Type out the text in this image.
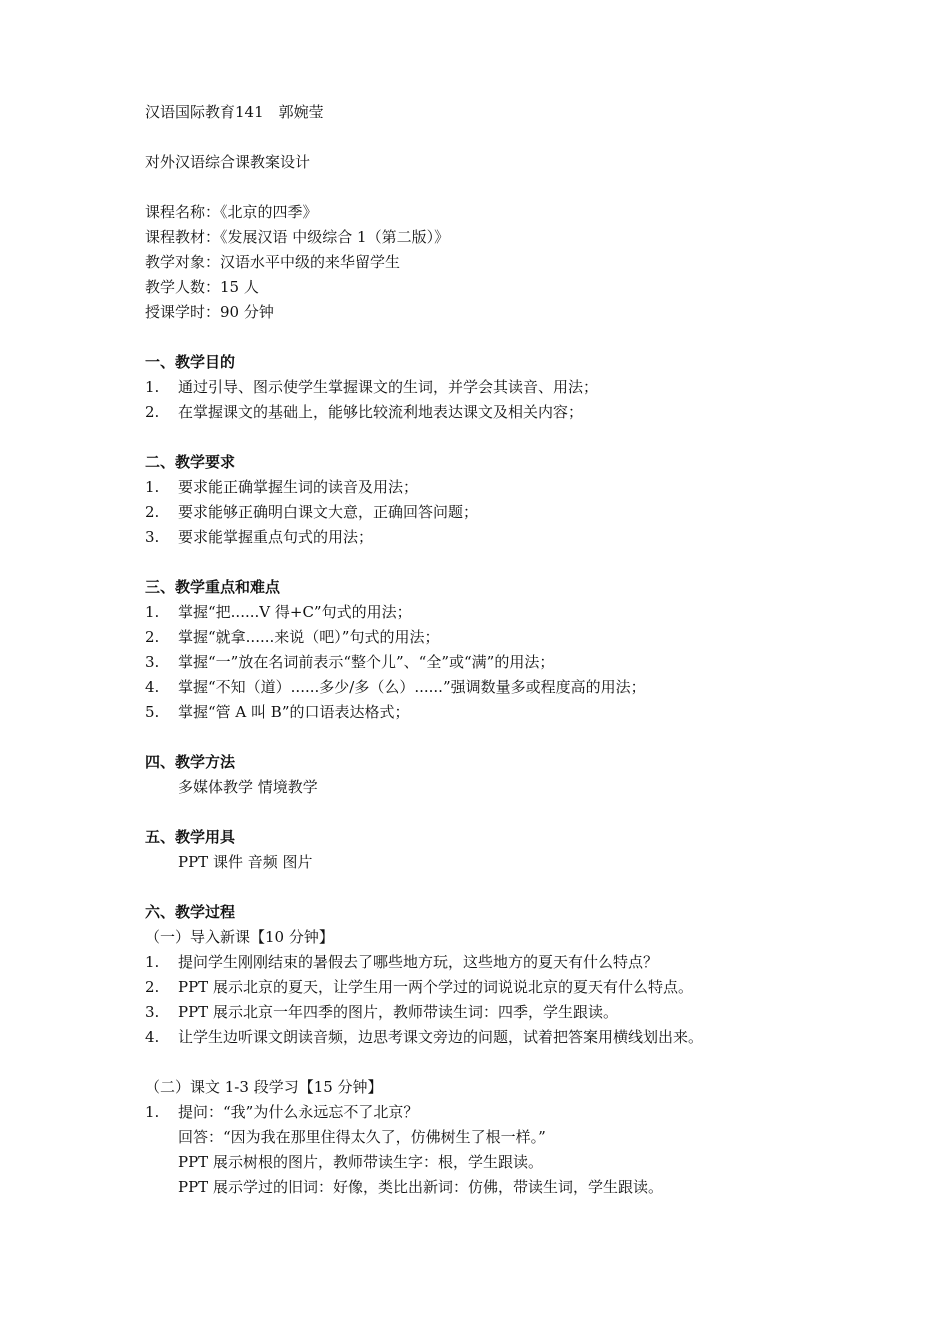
汉语国际教育141　郭婉莹
对外汉语综合课教案设计
课程名称：《北京的四季》
课程教材：《发展汉语 中级综合 1（第二版）》
教学对象：汉语水平中级的来华留学生
教学人数：15 人
授课学时：90 分钟
一、教学目的
1. 通过引导、图示使学生掌握课文的生词，并学会其读音、用法；
2. 在掌握课文的基础上，能够比较流利地表达课文及相关内容；
二、教学要求
1. 要求能正确掌握生词的读音及用法；
2. 要求能够正确明白课文大意，正确回答问题；
3. 要求能掌握重点句式的用法；
三、教学重点和难点
1. 掌握“把......V 得+C”句式的用法；
2. 掌握“就拿......来说（吧）”句式的用法；
3. 掌握“一”放在名词前表示“整个儿”、“全”或“满”的用法；
4. 掌握“不知（道）......多少/多（么）......”强调数量多或程度高的用法；
5. 掌握“管 A 叫 B”的口语表达格式；
四、教学方法
多媒体教学 情境教学
五、教学用具
PPT 课件 音频 图片
六、教学过程
（一）导入新课【10 分钟】
1. 提问学生刚刚结束的暑假去了哪些地方玩，这些地方的夏天有什么特点？
2. PPT 展示北京的夏天，让学生用一两个学过的词说说北京的夏天有什么特点。
3. PPT 展示北京一年四季的图片，教师带读生词：四季，学生跟读。
4. 让学生边听课文朗读音频，边思考课文旁边的问题，试着把答案用横线划出来。
（二）课文 1-3 段学习【15 分钟】
1. 提问：“我”为什么永远忘不了北京？
回答：“因为我在那里住得太久了，仿佛树生了根一样。”
PPT 展示树根的图片，教师带读生字：根，学生跟读。
PPT 展示学过的旧词：好像，类比出新词：仿佛，带读生词，学生跟读。
